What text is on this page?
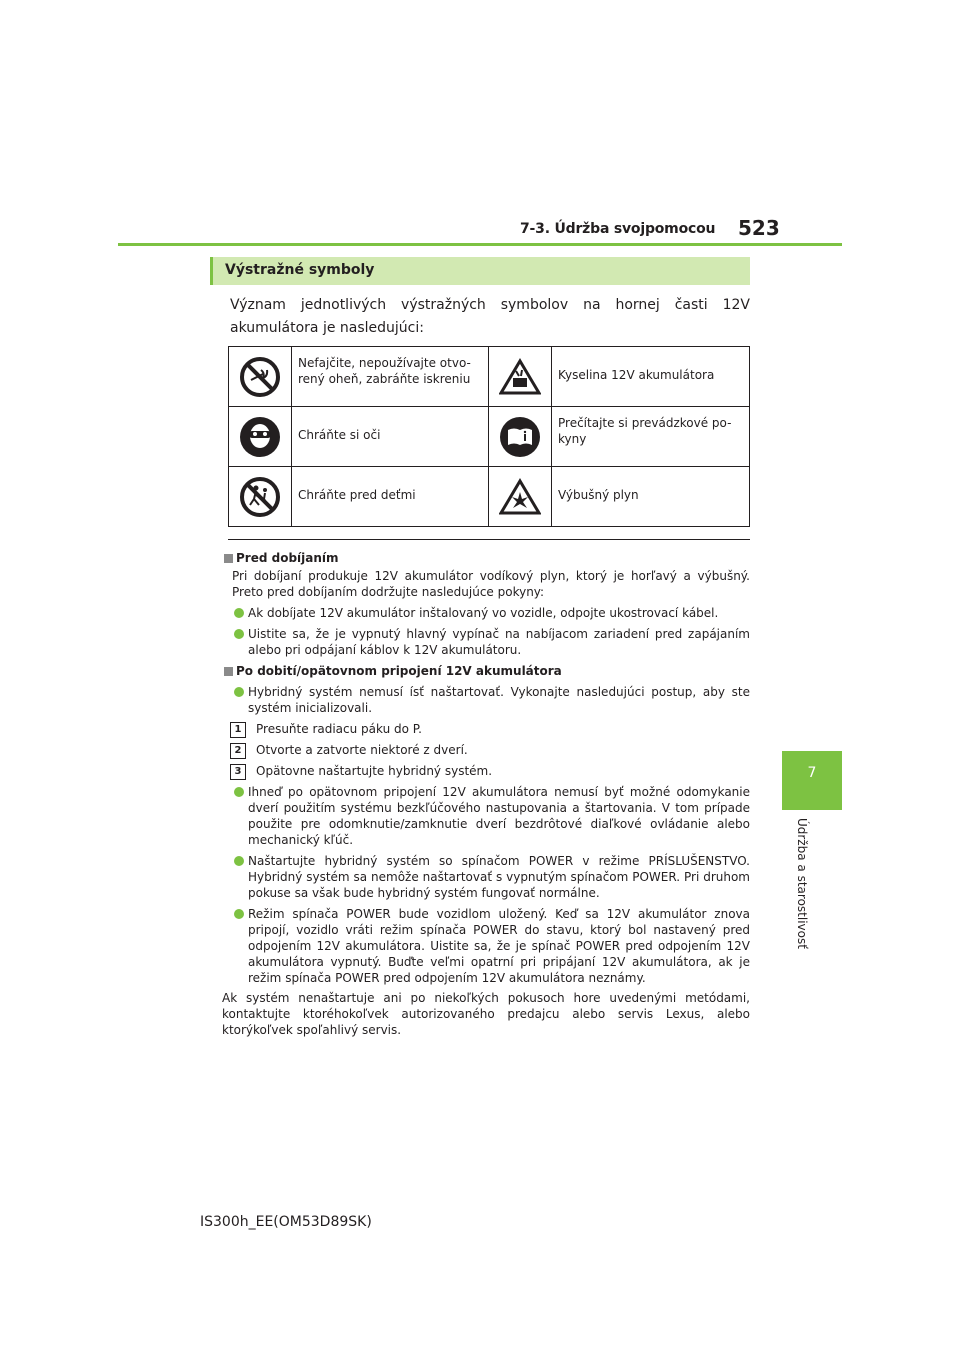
7-3. Údržba svojpomocou 523
7
Údržba a starostlivosť
Výstražné symboly
Význam jednotlivých výstražných symbolov na hornej časti 12V akumulátora je nasledujúci:
	Nefajčite, nepoužívajte otvo-
rený oheň, zabráňte iskreniu		Kyselina 12V akumulátora

	Chráňte si oči		Prečítajte si prevádzkové po-
kyny

	Chráňte pred deťmi		Výbušný plyn
Pred dobíjaním
Pri dobíjaní produkuje 12V akumulátor vodíkový plyn, ktorý je horľavý a výbušný. Preto pred dobíjaním dodržujte nasledujúce pokyny:
Ak dobíjate 12V akumulátor inštalovaný vo vozidle, odpojte ukostrovací kábel.
Uistite sa, že je vypnutý hlavný vypínač na nabíjacom zariadení pred zapájaním alebo pri odpájaní káblov k 12V akumulátoru.
Po dobití/opätovnom pripojení 12V akumulátora
Hybridný systém nemusí ísť naštartovať. Vykonajte nasledujúci postup, aby ste systém inicializovali.
1	Presuňte radiacu páku do P.
2	Otvorte a zatvorte niektoré z dverí.
3	Opätovne naštartujte hybridný systém.
Ihneď po opätovnom pripojení 12V akumulátora nemusí byť možné odomykanie dverí použitím systému bezkľúčového nastupovania a štartovania. V tom prípade použite pre odomknutie/zamknutie dverí bezdrôtové diaľkové ovládanie alebo mechanický kľúč.
Naštartujte hybridný systém so spínačom POWER v režime PRÍSLUŠENSTVO. Hybridný systém sa nemôže naštartovať s vypnutým spínačom POWER. Pri druhom pokuse sa však bude hybridný systém fungovať normálne.
Režim spínača POWER bude vozidlom uložený. Keď sa 12V akumulátor znova pripojí, vozidlo vráti režim spínača POWER do stavu, ktorý bol nastavený pred odpojením 12V akumulátora. Uistite sa, že je spínač POWER pred odpojením 12V akumulátora vypnutý. Buďte veľmi opatrní pri pripájaní 12V akumulátora, ak je režim spínača POWER pred odpojením 12V akumulátora neznámy.
Ak systém nenaštartuje ani po niekoľkých pokusoch hore uvedenými metódami, kontaktujte ktoréhokoľvek autorizovaného predajcu alebo servis Lexus, alebo ktorýkoľvek spoľahlivý servis.
IS300h_EE(OM53D89SK)
